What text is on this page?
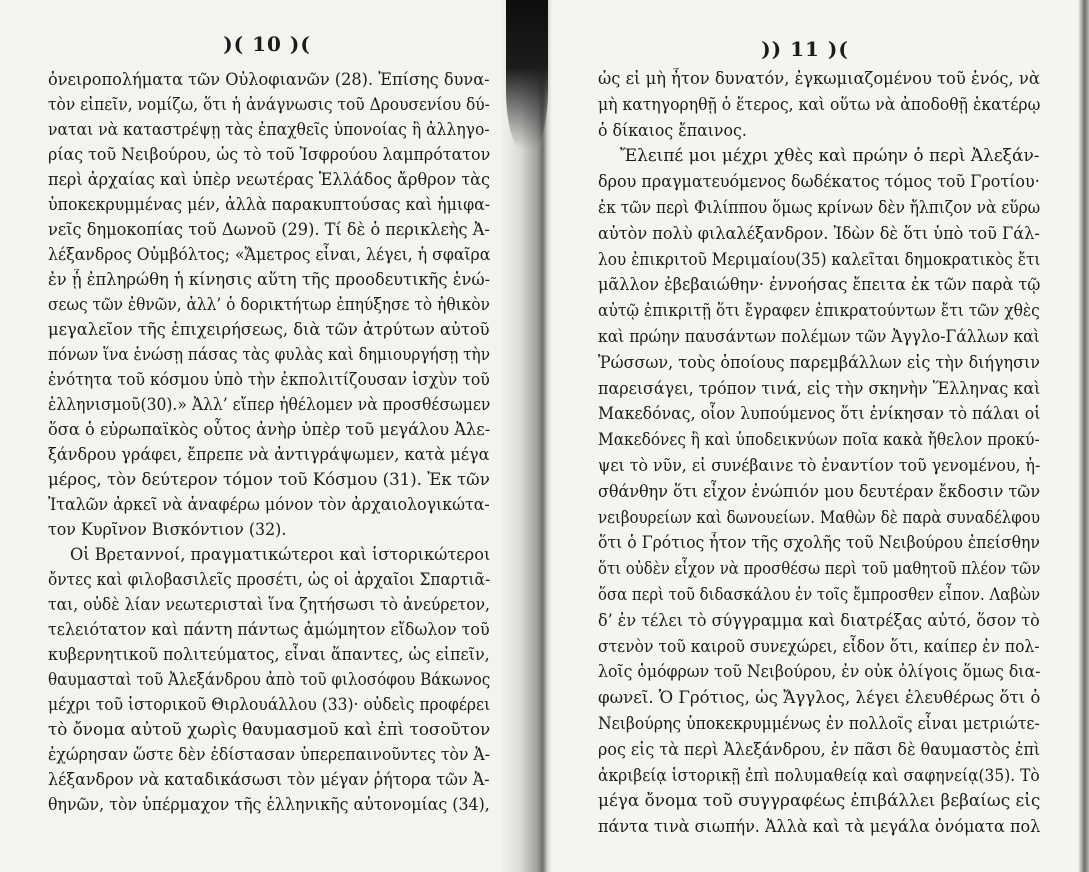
)( 10 )(	)) 11 )(
ὀνειροπολήματα τῶν Οὐλοφιανῶν (28). Ἐπίσης δυνα-
τὸν εἰπεῖν, νομίζω, ὅτι ἡ ἀνάγνωσις τοῦ Δρουσενίου δύ-
ναται νὰ καταστρέψῃ τὰς ἐπαχθεῖς ὑπονοίας ἢ ἀλληγο-
ρίας τοῦ Νειβούρου, ὡς τὸ τοῦ Ἰσφρούου λαμπρότατον
περὶ ἀρχαίας καὶ ὑπὲρ νεωτέρας Ἑλλάδος ἄρθρον τὰς
ὑποκεκρυμμένας μέν, ἀλλὰ παρακυπτούσας καὶ ἡμιφα-
νεῖς δημοκοπίας τοῦ Δωνοῦ (29). Τί δὲ ὁ περικλεὴς Ἀ-
λέξανδρος Οὐμβόλτος; «Ἄμετρος εἶναι, λέγει, ἡ σφαῖρα
ἐν ᾗ ἐπληρώθη ἡ κίνησις αὕτη τῆς προοδευτικῆς ἑνώ-
σεως τῶν ἐθνῶν, ἀλλ’ ὁ δορικτήτωρ ἐπηύξησε τὸ ἠθικὸν
μεγαλεῖον τῆς ἐπιχειρήσεως, διὰ τῶν ἀτρύτων αὐτοῦ
πόνων ἵνα ἑνώσῃ πάσας τὰς φυλὰς καὶ δημιουργήσῃ τὴν
ἑνότητα τοῦ κόσμου ὑπὸ τὴν ἐκπολιτίζουσαν ἰσχὺν τοῦ
ἑλληνισμοῦ(30).» Ἀλλ’ εἴπερ ἠθέλομεν νὰ προσθέσωμεν
ὅσα ὁ εὐρωπαϊκὸς οὗτος ἀνὴρ ὑπὲρ τοῦ μεγάλου Ἀλε-
ξάνδρου γράφει, ἔπρεπε νὰ ἀντιγράψωμεν, κατὰ μέγα
μέρος, τὸν δεύτερον τόμον τοῦ Κόσμου (31). Ἐκ τῶν
Ἰταλῶν ἀρκεῖ νὰ ἀναφέρω μόνον τὸν ἀρχαιολογικώτα-
τον Κυρῖνον Βισκόντιον (32).
Οἱ Βρεταννοί, πραγματικώτεροι καὶ ἱστορικώτεροι
ὄντες καὶ φιλοβασιλεῖς προσέτι, ὡς οἱ ἀρχαῖοι Σπαρτιᾶ-
ται, οὐδὲ λίαν νεωτερισταὶ ἵνα ζητήσωσι τὸ ἀνεύρετον,
τελειότατον καὶ πάντη πάντως ἀμώμητον εἴδωλον τοῦ
κυβερνητικοῦ πολιτεύματος, εἶναι ἅπαντες, ὡς εἰπεῖν,
θαυμασταὶ τοῦ Ἀλεξάνδρου ἀπὸ τοῦ φιλοσόφου Βάκωνος
μέχρι τοῦ ἱστορικοῦ Θιρλουάλλου (33)· οὐδεὶς προφέρει
τὸ ὄνομα αὐτοῦ χωρὶς θαυμασμοῦ καὶ ἐπὶ τοσοῦτον
ἐχώρησαν ὥστε δὲν ἐδίστασαν ὑπερεπαινοῦντες τὸν Ἀ-
λέξανδρον νὰ καταδικάσωσι τὸν μέγαν ῥήτορα τῶν Ἀ-
θηνῶν, τὸν ὑπέρμαχον τῆς ἑλληνικῆς αὐτονομίας (34),
ὡς εἰ μὴ ἦτον δυνατόν, ἐγκωμιαζομένου τοῦ ἑνός, νὰ
μὴ κατηγορηθῇ ὁ ἕτερος, καὶ οὕτω νὰ ἀποδοθῇ ἑκατέρῳ
ὁ δίκαιος ἔπαινος.
Ἔλειπέ μοι μέχρι χθὲς καὶ πρώην ὁ περὶ Ἀλεξάν-
δρου πραγματευόμενος δωδέκατος τόμος τοῦ Γροτίου·
ἐκ τῶν περὶ Φιλίππου ὅμως κρίνων δὲν ἤλπιζον νὰ εὕρω
αὐτὸν πολὺ φιλαλέξανδρον. Ἰδὼν δὲ ὅτι ὑπὸ τοῦ Γάλ-
λου ἐπικριτοῦ Μεριμαίου(35) καλεῖται δημοκρατικὸς ἔτι
μᾶλλον ἐβεβαιώθην· ἐννοήσας ἔπειτα ἐκ τῶν παρὰ τῷ
αὐτῷ ἐπικριτῇ ὅτι ἔγραφεν ἐπικρατούντων ἔτι τῶν χθὲς
καὶ πρώην παυσάντων πολέμων τῶν Ἀγγλο-Γάλλων καὶ
Ῥώσσων, τοὺς ὁποίους παρεμβάλλων εἰς τὴν διήγησιν
παρεισάγει, τρόπον τινά, εἰς τὴν σκηνὴν Ἕλληνας καὶ
Μακεδόνας, οἷον λυπούμενος ὅτι ἐνίκησαν τὸ πάλαι οἱ
Μακεδόνες ἢ καὶ ὑποδεικνύων ποῖα κακὰ ἤθελον προκύ-
ψει τὸ νῦν, εἰ συνέβαινε τὸ ἐναντίον τοῦ γενομένου, ἠ-
σθάνθην ὅτι εἶχον ἐνώπιόν μου δευτέραν ἔκδοσιν τῶν
νειβουρείων καὶ δωνουείων. Μαθὼν δὲ παρὰ συναδέλφου
ὅτι ὁ Γρότιος ἦτον τῆς σχολῆς τοῦ Νειβούρου ἐπείσθην
ὅτι οὐδὲν εἶχον νὰ προσθέσω περὶ τοῦ μαθητοῦ πλέον τῶν
ὅσα περὶ τοῦ διδασκάλου ἐν τοῖς ἔμπροσθεν εἶπον. Λαβὼν
δ’ ἐν τέλει τὸ σύγγραμμα καὶ διατρέξας αὐτό, ὅσον τὸ
στενὸν τοῦ καιροῦ συνεχώρει, εἶδον ὅτι, καίπερ ἐν πολ-
λοῖς ὁμόφρων τοῦ Νειβούρου, ἐν οὐκ ὀλίγοις ὅμως δια-
φωνεῖ. Ὁ Γρότιος, ὡς Ἄγγλος, λέγει ἐλευθέρως ὅτι ὁ
Νειβούρης ὑποκεκρυμμένως ἐν πολλοῖς εἶναι μετριώτε-
ρος εἰς τὰ περὶ Ἀλεξάνδρου, ἐν πᾶσι δὲ θαυμαστὸς ἐπὶ
ἀκριβείᾳ ἱστορικῇ ἐπὶ πολυμαθείᾳ καὶ σαφηνείᾳ(35). Τὸ
μέγα ὄνομα τοῦ συγγραφέως ἐπιβάλλει βεβαίως εἰς
πάντα τινὰ σιωπήν. Ἀλλὰ καὶ τὰ μεγάλα ὀνόματα πολ
